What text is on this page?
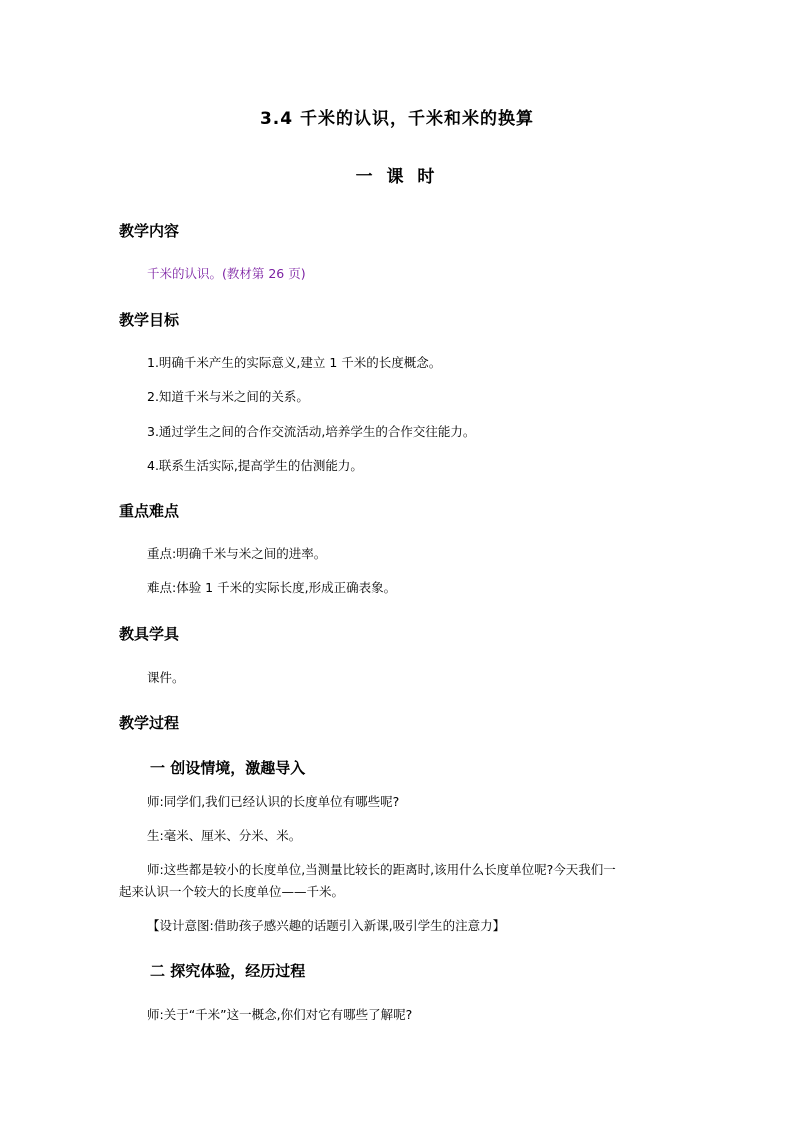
3.4 千米的认识，千米和米的换算
一 课 时
教学内容
千米的认识。(教材第 26 页)
教学目标
1.明确千米产生的实际意义,建立 1 千米的长度概念。
2.知道千米与米之间的关系。
3.通过学生之间的合作交流活动,培养学生的合作交往能力。
4.联系生活实际,提高学生的估测能力。
重点难点
重点:明确千米与米之间的进率。
难点:体验 1 千米的实际长度,形成正确表象。
教具学具
课件。
教学过程
一 创设情境，激趣导入
师:同学们,我们已经认识的长度单位有哪些呢?
生:毫米、厘米、分米、米。
师:这些都是较小的长度单位,当测量比较长的距离时,该用什么长度单位呢?今天我们一
起来认识一个较大的长度单位——千米。
【设计意图:借助孩子感兴趣的话题引入新课,吸引学生的注意力】
二 探究体验，经历过程
师:关于“千米”这一概念,你们对它有哪些了解呢?
